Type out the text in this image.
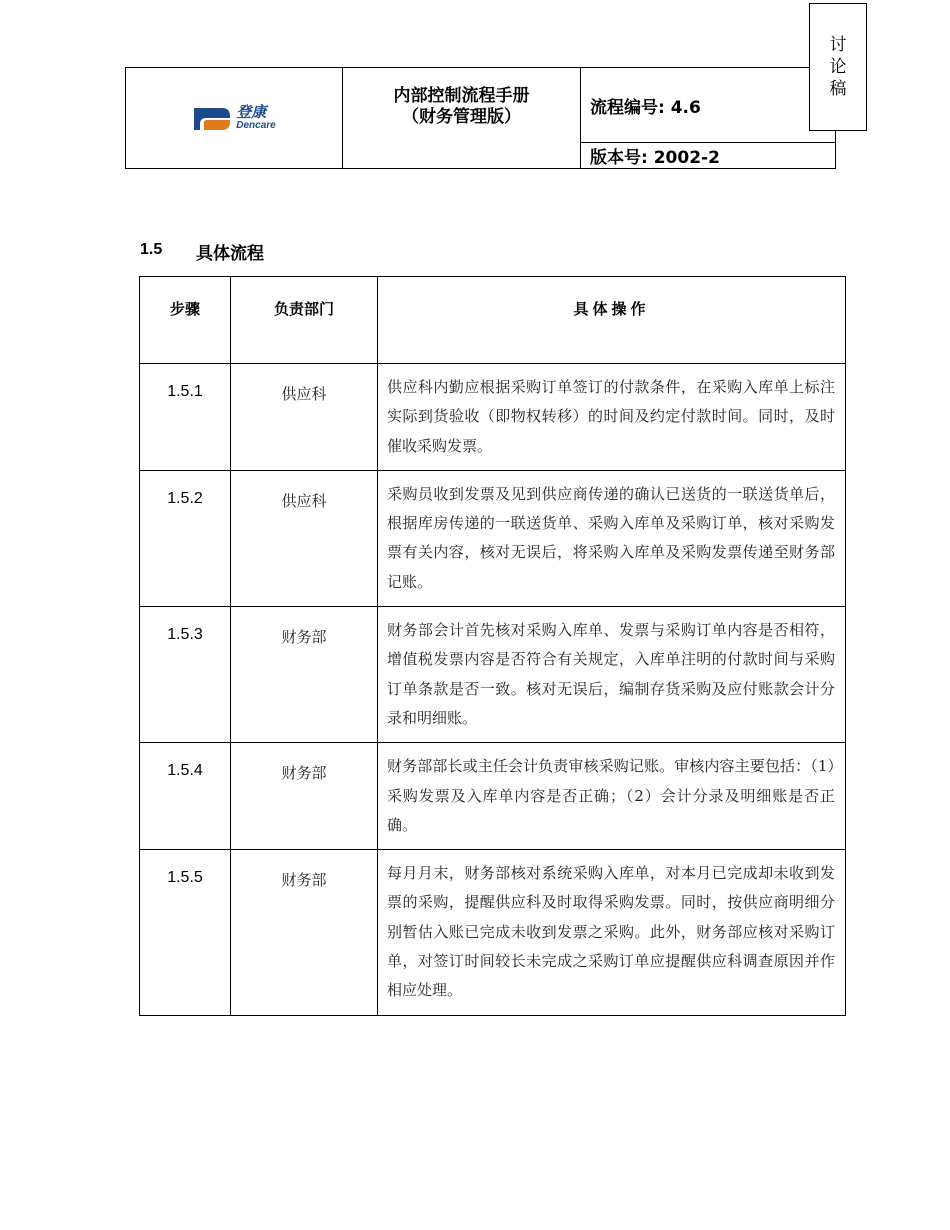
登康
Dencare

内部控制流程手册
（财务管理版）	流程编号: 4.6
版本号: 2002-2
讨
论
稿
1.5 具体流程
步骤	负责部门	具体操作
1.5.1	供应科	供应科内勤应根据采购订单签订的付款条件，在采购入库单上标注实际到货验收（即物权转移）的时间及约定付款时间。同时，及时催收采购发票。
1.5.2	供应科	采购员收到发票及见到供应商传递的确认已送货的一联送货单后，根据库房传递的一联送货单、采购入库单及采购订单，核对采购发票有关内容，核对无误后，将采购入库单及采购发票传递至财务部记账。
1.5.3	财务部	财务部会计首先核对采购入库单、发票与采购订单内容是否相符，增值税发票内容是否符合有关规定，入库单注明的付款时间与采购订单条款是否一致。核对无误后，编制存货采购及应付账款会计分录和明细账。
1.5.4	财务部	财务部部长或主任会计负责审核采购记账。审核内容主要包括：（1）采购发票及入库单内容是否正确；（2）会计分录及明细账是否正确。
1.5.5	财务部	每月月末，财务部核对系统采购入库单，对本月已完成却未收到发票的采购，提醒供应科及时取得采购发票。同时，按供应商明细分别暂估入账已完成未收到发票之采购。此外，财务部应核对采购订单，对签订时间较长未完成之采购订单应提醒供应科调查原因并作相应处理。
